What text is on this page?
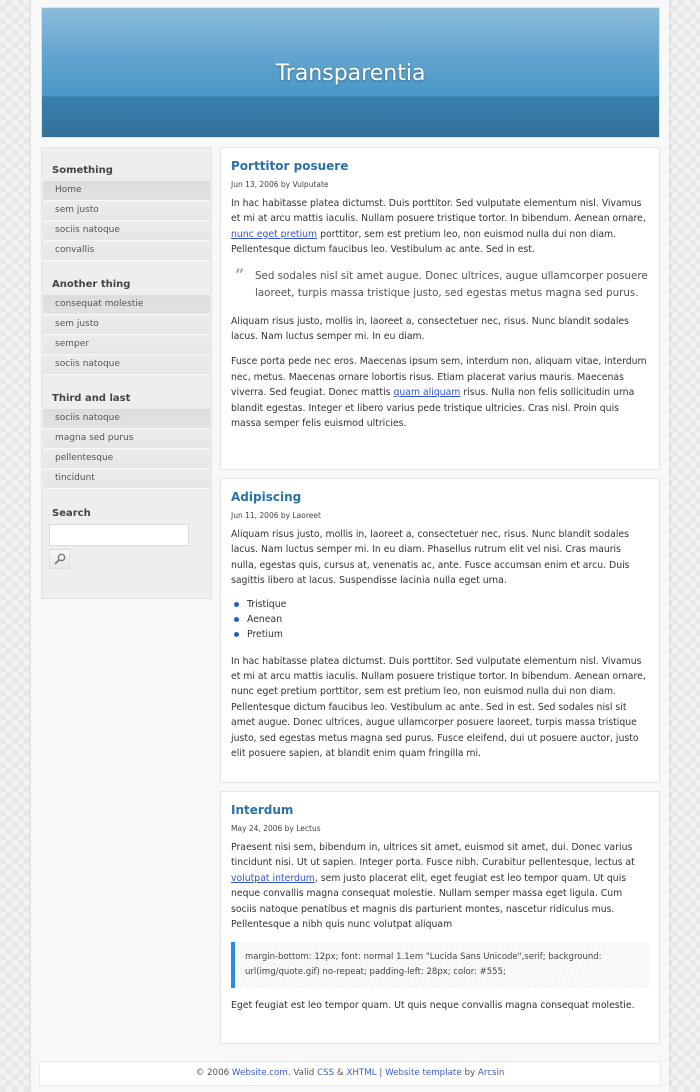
Transparentia
Something
Home
sem justo
sociis natoque
convallis
Another thing
consequat molestie
sem justo
semper
sociis natoque
Third and last
sociis natoque
magna sed purus
pellentesque
tincidunt
Search
Porttitor posuere
Jun 13, 2006 by Vulputate

In hac habitasse platea dictumst. Duis porttitor. Sed vulputate elementum nisl. Vivamus et mi at arcu mattis iaculis. Nullam posuere tristique tortor. In bibendum. Aenean ornare, nunc eget pretium porttitor, sem est pretium leo, non euismod nulla dui non diam. Pellentesque dictum faucibus leo. Vestibulum ac ante. Sed in est.

” Sed sodales nisl sit amet augue. Donec ultrices, augue ullamcorper posuere laoreet, turpis massa tristique justo, sed egestas metus magna sed purus.

Aliquam risus justo, mollis in, laoreet a, consectetuer nec, risus. Nunc blandit sodales lacus. Nam luctus semper mi. In eu diam.

Fusce porta pede nec eros. Maecenas ipsum sem, interdum non, aliquam vitae, interdum nec, metus. Maecenas ornare lobortis risus. Etiam placerat varius mauris. Maecenas viverra. Sed feugiat. Donec mattis quam aliquam risus. Nulla non felis sollicitudin urna blandit egestas. Integer et libero varius pede tristique ultricies. Cras nisl. Proin quis massa semper felis euismod ultricies.

Adipiscing
Jun 11, 2006 by Laoreet

Aliquam risus justo, mollis in, laoreet a, consectetuer nec, risus. Nunc blandit sodales lacus. Nam luctus semper mi. In eu diam. Phasellus rutrum elit vel nisi. Cras mauris nulla, egestas quis, cursus at, venenatis ac, ante. Fusce accumsan enim et arcu. Duis sagittis libero at lacus. Suspendisse lacinia nulla eget urna.

Tristique
Aenean
Pretium

In hac habitasse platea dictumst. Duis porttitor. Sed vulputate elementum nisl. Vivamus et mi at arcu mattis iaculis. Nullam posuere tristique tortor. In bibendum. Aenean ornare, nunc eget pretium porttitor, sem est pretium leo, non euismod nulla dui non diam. Pellentesque dictum faucibus leo. Vestibulum ac ante. Sed in est. Sed sodales nisl sit amet augue. Donec ultrices, augue ullamcorper posuere laoreet, turpis massa tristique justo, sed egestas metus magna sed purus. Fusce eleifend, dui ut posuere auctor, justo elit posuere sapien, at blandit enim quam fringilla mi.

Interdum
May 24, 2006 by Lectus

Praesent nisi sem, bibendum in, ultrices sit amet, euismod sit amet, dui. Donec varius tincidunt nisi. Ut ut sapien. Integer porta. Fusce nibh. Curabitur pellentesque, lectus at volutpat interdum, sem justo placerat elit, eget feugiat est leo tempor quam. Ut quis neque convallis magna consequat molestie. Nullam semper massa eget ligula. Cum sociis natoque penatibus et magnis dis parturient montes, nascetur ridiculus mus. Pellentesque a nibh quis nunc volutpat aliquam

margin-bottom: 12px; font: normal 1.1em "Lucida Sans Unicode",serif; background: url(img/quote.gif) no-repeat; padding-left: 28px; color: #555;

Eget feugiat est leo tempor quam. Ut quis neque convallis magna consequat molestie.

© 2006 Website.com. Valid CSS & XHTML | Website template by Arcsin
